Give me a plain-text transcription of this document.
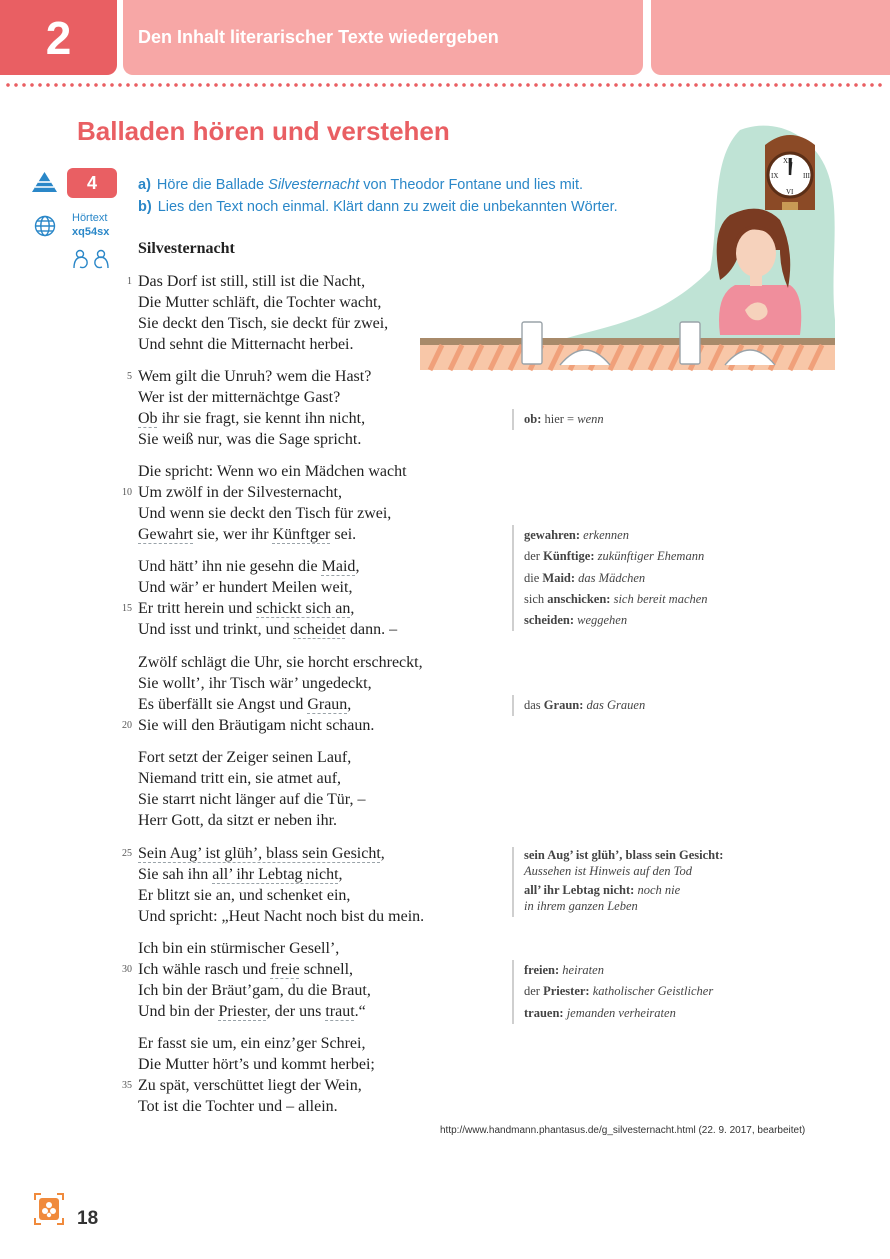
2	Den Inhalt literarischer Texte wiedergeben
Balladen hören und verstehen
4
Hörtext
xq54sx
a) Höre die Ballade Silvesternacht von Theodor Fontane und lies mit.
b) Lies den Text noch einmal. Klärt dann zu zweit die unbekannten Wörter.
XII
IX	III
VI
Silvesternacht
1 Das Dorf ist still, still ist die Nacht,
Die Mutter schläft, die Tochter wacht,
Sie deckt den Tisch, sie deckt für zwei,
Und sehnt die Mitternacht herbei.
5 Wem gilt die Unruh? wem die Hast?
Wer ist der mitternächtge Gast?
Ob ihr sie fragt, sie kennt ihn nicht,
Sie weiß nur, was die Sage spricht.
Die spricht: Wenn wo ein Mädchen wacht
10 Um zwölf in der Silvesternacht,
Und wenn sie deckt den Tisch für zwei,
Gewahrt sie, wer ihr Künftger sei.
Und hätt’ ihn nie gesehn die Maid,
Und wär’ er hundert Meilen weit,
15 Er tritt herein und schickt sich an,
Und isst und trinkt, und scheidet dann. –
Zwölf schlägt die Uhr, sie horcht erschreckt,
Sie wollt’, ihr Tisch wär’ ungedeckt,
Es überfällt sie Angst und Graun,
20 Sie will den Bräutigam nicht schaun.
Fort setzt der Zeiger seinen Lauf,
Niemand tritt ein, sie atmet auf,
Sie starrt nicht länger auf die Tür, –
Herr Gott, da sitzt er neben ihr.
25 Sein Aug’ ist glüh’, blass sein Gesicht,
Sie sah ihn all’ ihr Lebtag nicht,
Er blitzt sie an, und schenket ein,
Und spricht: „Heut Nacht noch bist du mein.
Ich bin ein stürmischer Gesell’,
30 Ich wähle rasch und freie schnell,
Ich bin der Bräut’gam, du die Braut,
Und bin der Priester, der uns traut.“
Er fasst sie um, ein einz’ger Schrei,
Die Mutter hört’s und kommt herbei;
35 Zu spät, verschüttet liegt der Wein,
Tot ist die Tochter und – allein.
ob: hier = wenn
gewahren: erkennen
der Künftige: zukünftiger Ehemann
die Maid: das Mädchen
sich anschicken: sich bereit machen
scheiden: weggehen
das Graun: das Grauen
sein Aug’ ist glüh’, blass sein Gesicht:
Aussehen ist Hinweis auf den Tod
all’ ihr Lebtag nicht: noch nie
in ihrem ganzen Leben
freien: heiraten
der Priester: katholischer Geistlicher
trauen: jemanden verheiraten
http://www.handmann.phantasus.de/g_silvesternacht.html (22. 9. 2017, bearbeitet)
18
